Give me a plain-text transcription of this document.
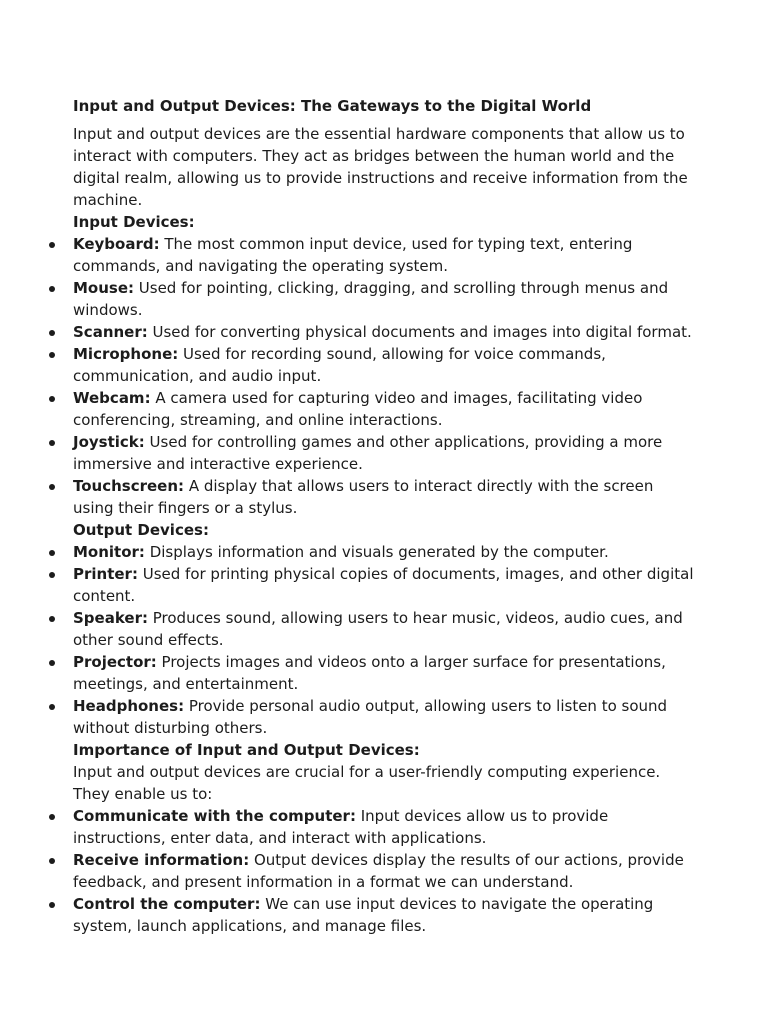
Input and Output Devices: The Gateways to the Digital World

Input and output devices are the essential hardware components that allow us to interact with computers. They act as bridges between the human world and the digital realm, allowing us to provide instructions and receive information from the machine.

Input Devices:

Keyboard: The most common input device, used for typing text, entering commands, and navigating the operating system.
Mouse: Used for pointing, clicking, dragging, and scrolling through menus and windows.
Scanner: Used for converting physical documents and images into digital format.
Microphone: Used for recording sound, allowing for voice commands, communication, and audio input.
Webcam: A camera used for capturing video and images, facilitating video conferencing, streaming, and online interactions.
Joystick: Used for controlling games and other applications, providing a more immersive and interactive experience.
Touchscreen: A display that allows users to interact directly with the screen using their fingers or a stylus.

Output Devices:

Monitor: Displays information and visuals generated by the computer.
Printer: Used for printing physical copies of documents, images, and other digital content.
Speaker: Produces sound, allowing users to hear music, videos, audio cues, and other sound effects.
Projector: Projects images and videos onto a larger surface for presentations, meetings, and entertainment.
Headphones: Provide personal audio output, allowing users to listen to sound without disturbing others.

Importance of Input and Output Devices:

Input and output devices are crucial for a user-friendly computing experience. They enable us to:

Communicate with the computer: Input devices allow us to provide instructions, enter data, and interact with applications.
Receive information: Output devices display the results of our actions, provide feedback, and present information in a format we can understand.
Control the computer: We can use input devices to navigate the operating system, launch applications, and manage files.
